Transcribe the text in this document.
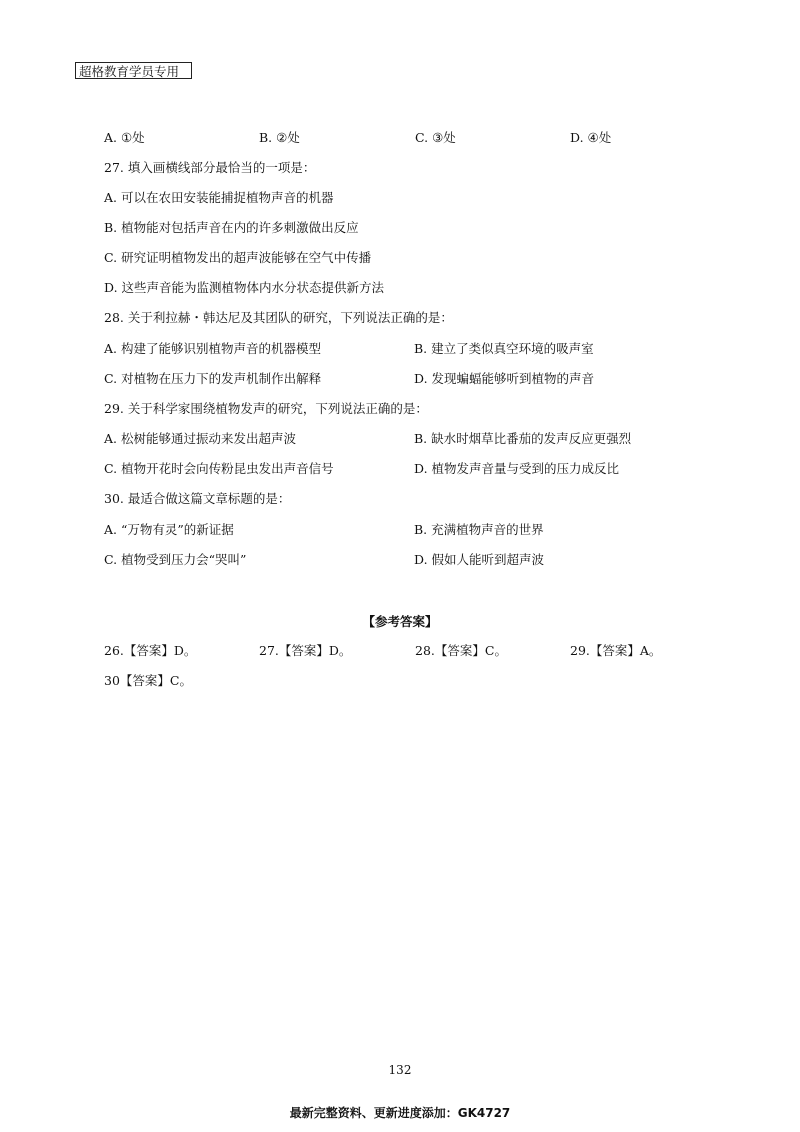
超格教育学员专用
A. ①处	B. ②处	C. ③处	D. ④处
27. 填入画横线部分最恰当的一项是：
A. 可以在农田安装能捕捉植物声音的机器
B. 植物能对包括声音在内的许多刺激做出反应
C. 研究证明植物发出的超声波能够在空气中传播
D. 这些声音能为监测植物体内水分状态提供新方法
28. 关于利拉赫・韩达尼及其团队的研究，下列说法正确的是：
A. 构建了能够识别植物声音的机器模型	B. 建立了类似真空环境的吸声室
C. 对植物在压力下的发声机制作出解释	D. 发现蝙蝠能够听到植物的声音
29. 关于科学家围绕植物发声的研究，下列说法正确的是：
A. 松树能够通过振动来发出超声波	B. 缺水时烟草比番茄的发声反应更强烈
C. 植物开花时会向传粉昆虫发出声音信号	D. 植物发声音量与受到的压力成反比
30. 最适合做这篇文章标题的是：
A. “万物有灵”的新证据	B. 充满植物声音的世界
C. 植物受到压力会“哭叫”	D. 假如人能听到超声波
【参考答案】
26.【答案】D。	27.【答案】D。	28.【答案】C。	29.【答案】A。
30【答案】C。
132
最新完整资料、更新进度添加：GK4727
